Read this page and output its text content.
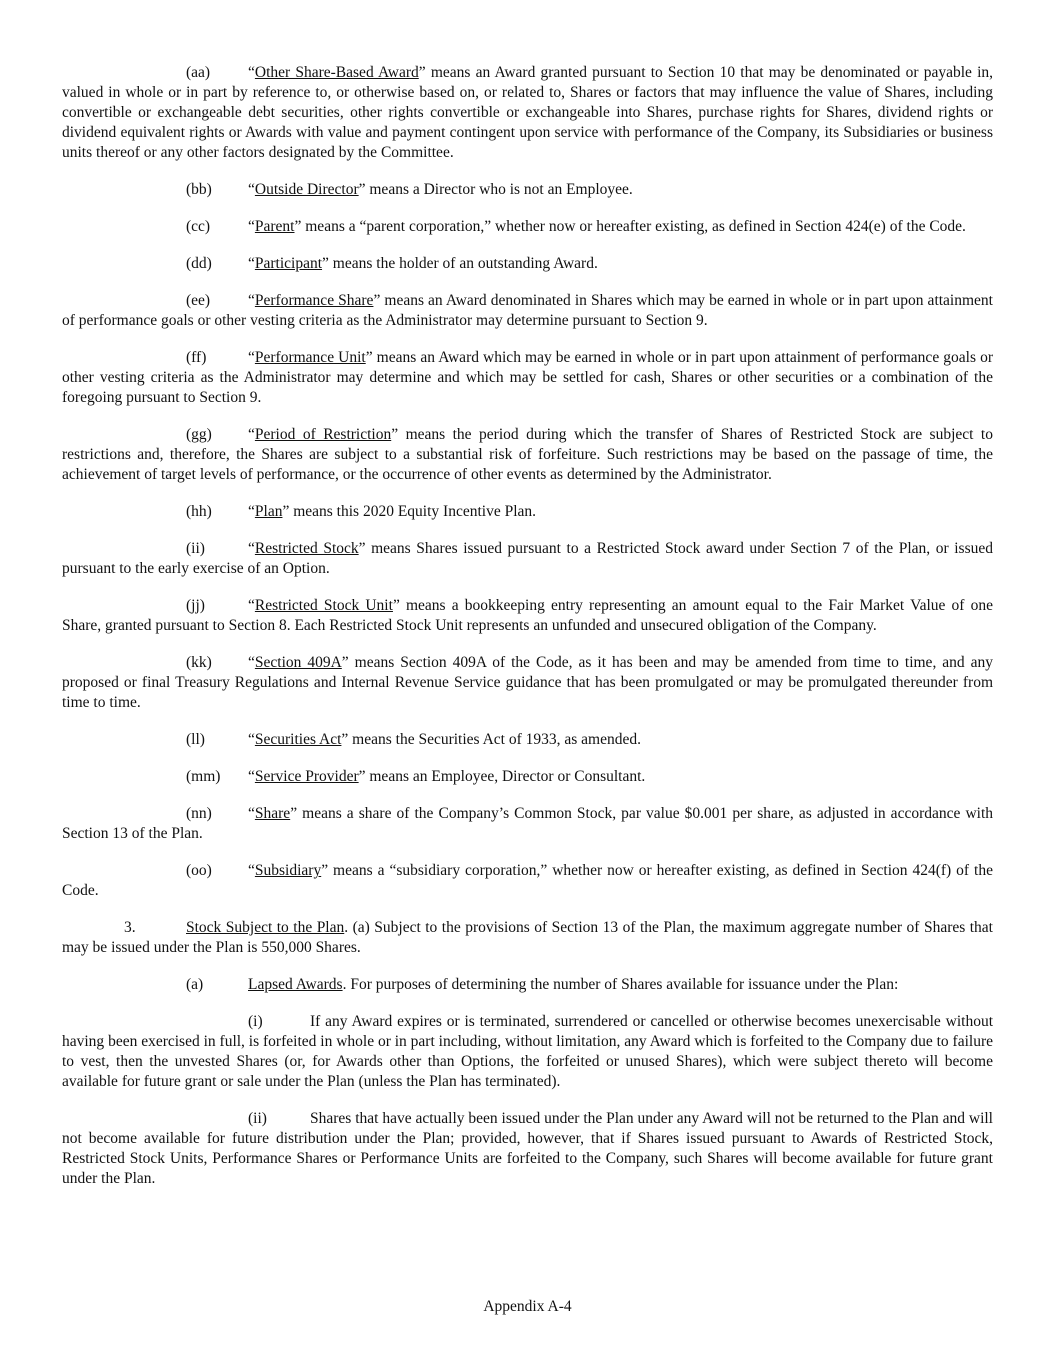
(aa) “Other Share-Based Award” means an Award granted pursuant to Section 10 that may be denominated or payable in, valued in whole or in part by reference to, or otherwise based on, or related to, Shares or factors that may influence the value of Shares, including convertible or exchangeable debt securities, other rights convertible or exchangeable into Shares, purchase rights for Shares, dividend rights or dividend equivalent rights or Awards with value and payment contingent upon service with performance of the Company, its Subsidiaries or business units thereof or any other factors designated by the Committee.

(bb) “Outside Director” means a Director who is not an Employee.

(cc) “Parent” means a “parent corporation,” whether now or hereafter existing, as defined in Section 424(e) of the Code.

(dd) “Participant” means the holder of an outstanding Award.

(ee) “Performance Share” means an Award denominated in Shares which may be earned in whole or in part upon attainment of performance goals or other vesting criteria as the Administrator may determine pursuant to Section 9.

(ff)	“Performance Unit” means an Award which may be earned in whole or in part upon attainment of performance goals or other vesting criteria as the Administrator may determine and which may be settled for cash, Shares or other securities or a combination of the foregoing pursuant to Section 9.

(gg) “Period of Restriction” means the period during which the transfer of Shares of Restricted Stock are subject to restrictions and, therefore, the Shares are subject to a substantial risk of forfeiture. Such restrictions may be based on the passage of time, the achievement of target levels of performance, or the occurrence of other events as determined by the Administrator.

(hh) “Plan” means this 2020 Equity Incentive Plan.

(ii)	“Restricted Stock” means Shares issued pursuant to a Restricted Stock award under Section 7 of the Plan, or issued pursuant to the early exercise of an Option.

(jj)	“Restricted Stock Unit” means a bookkeeping entry representing an amount equal to the Fair Market Value of one Share, granted pursuant to Section 8. Each Restricted Stock Unit represents an unfunded and unsecured obligation of the Company.

(kk) “Section 409A” means Section 409A of the Code, as it has been and may be amended from time to time, and any proposed or final Treasury Regulations and Internal Revenue Service guidance that has been promulgated or may be promulgated thereunder from time to time.

(ll)	“Securities Act” means the Securities Act of 1933, as amended.

(mm) “Service Provider” means an Employee, Director or Consultant.

(nn) “Share” means a share of the Company’s Common Stock, par value $0.001 per share, as adjusted in accordance with Section 13 of the Plan.

(oo) “Subsidiary” means a “subsidiary corporation,” whether now or hereafter existing, as defined in Section 424(f) of the Code.

3.	Stock Subject to the Plan. (a) Subject to the provisions of Section 13 of the Plan, the maximum aggregate number of Shares that may be issued under the Plan is 550,000 Shares.

(a)	Lapsed Awards. For purposes of determining the number of Shares available for issuance under the Plan:

(i)	If any Award expires or is terminated, surrendered or cancelled or otherwise becomes unexercisable without having been exercised in full, is forfeited in whole or in part including, without limitation, any Award which is forfeited to the Company due to failure to vest, then the unvested Shares (or, for Awards other than Options, the forfeited or unused Shares), which were subject thereto will become available for future grant or sale under the Plan (unless the Plan has terminated).

(ii)	Shares that have actually been issued under the Plan under any Award will not be returned to the Plan and will not become available for future distribution under the Plan; provided, however, that if Shares issued pursuant to Awards of Restricted Stock, Restricted Stock Units, Performance Shares or Performance Units are forfeited to the Company, such Shares will become available for future grant under the Plan.

Appendix A-4
